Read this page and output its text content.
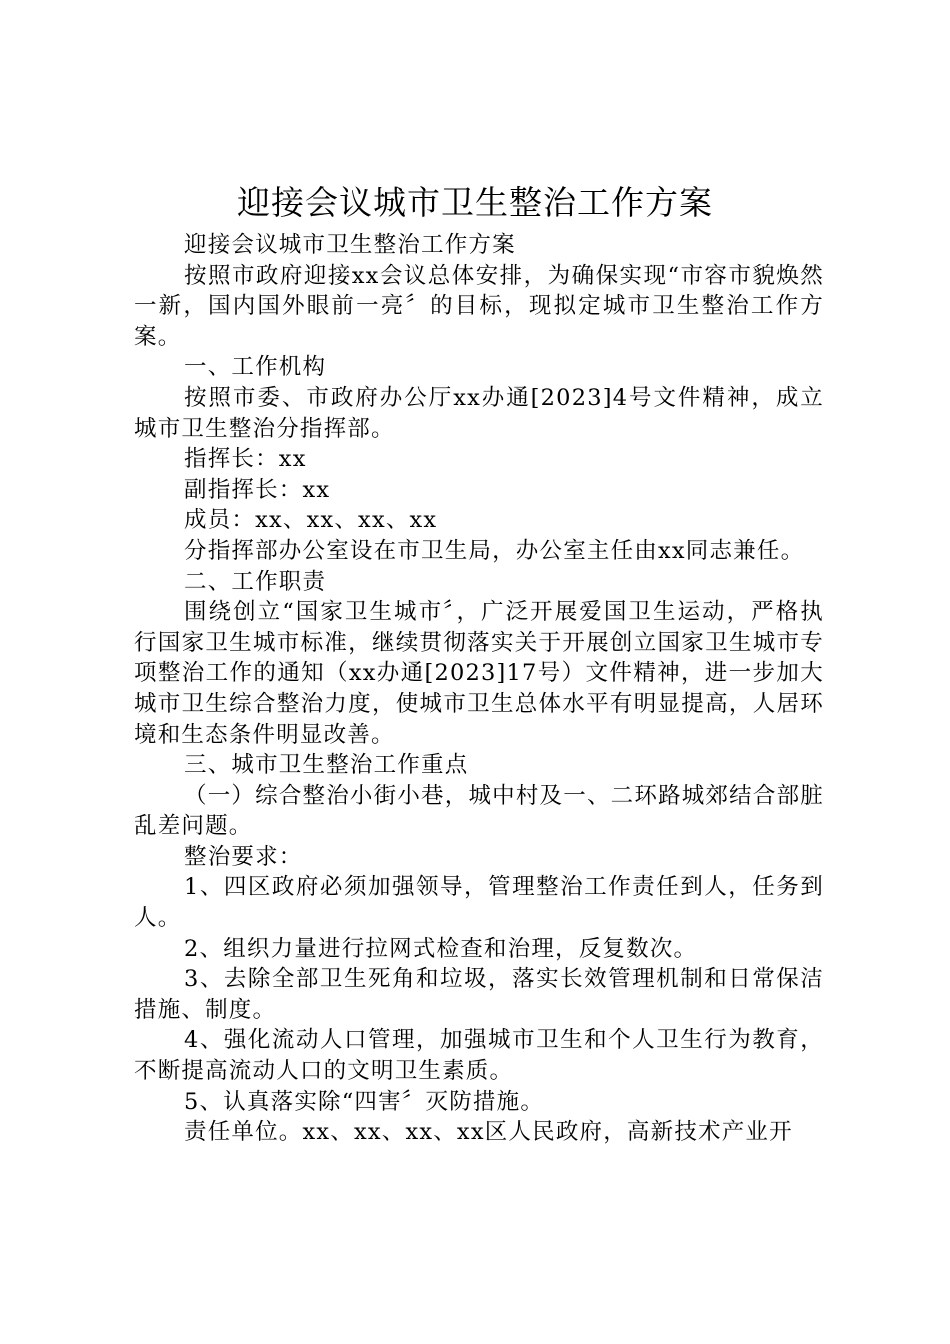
迎接会议城市卫生整治工作方案

迎接会议城市卫生整治工作方案

按照市政府迎接xx会议总体安排，为确保实现“市容市貌焕然一新，国内国外眼前一亮〞的目标，现拟定城市卫生整治工作方案。

一、工作机构

按照市委、市政府办公厅xx办通[2023]4号文件精神，成立城市卫生整治分指挥部。

指挥长：xx

副指挥长：xx

成员：xx、xx、xx、xx

分指挥部办公室设在市卫生局，办公室主任由xx同志兼任。

二、工作职责

围绕创立“国家卫生城市〞，广泛开展爱国卫生运动，严格执行国家卫生城市标准，继续贯彻落实关于开展创立国家卫生城市专项整治工作的通知（xx办通[2023]17号）文件精神，进一步加大城市卫生综合整治力度，使城市卫生总体水平有明显提高，人居环境和生态条件明显改善。

三、城市卫生整治工作重点

（一）综合整治小街小巷，城中村及一、二环路城郊结合部脏乱差问题。

整治要求：

1、四区政府必须加强领导，管理整治工作责任到人，任务到人。

2、组织力量进行拉网式检查和治理，反复数次。

3、去除全部卫生死角和垃圾，落实长效管理机制和日常保洁措施、制度。

4、强化流动人口管理，加强城市卫生和个人卫生行为教育，不断提高流动人口的文明卫生素质。

5、认真落实除“四害〞灭防措施。

责任单位。xx、xx、xx、xx区人民政府，高新技术产业开
